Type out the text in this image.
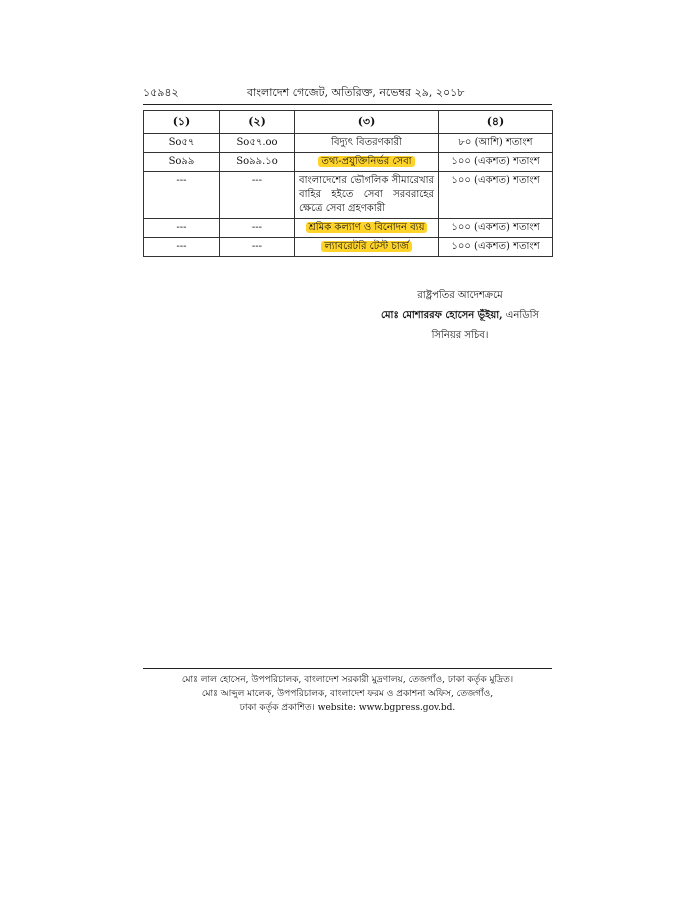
১৫৯৪২	বাংলাদেশ গেজেট, অতিরিক্ত, নভেম্বর ২৯, ২০১৮
(১)	(২)	(৩)	(৪)
Sо৫৭	Sо৫৭.оо	বিদ্যুৎ বিতরণকারী	৮০ (আশি) শতাংশ
Sо৯৯	Sо৯৯.১о	তথ্য-প্রযুক্তিনির্ভর সেবা	১০০ (একশত) শতাংশ
---	---	বাংলাদেশের ভৌগলিক সীমারেখার বাহির হইতে সেবা সরবরাহের ক্ষেত্রে সেবা গ্রহণকারী	১০০ (একশত) শতাংশ
---	---	শ্রমিক কল্যাণ ও বিনোদন ব্যয়	১০০ (একশত) শতাংশ
---	---	ল্যাবরেটরি টেস্ট চার্জ	১০০ (একশত) শতাংশ
রাষ্ট্রপতির আদেশক্রমে
মোঃ মোশাররফ হোসেন ভূঁইয়া, এনডিসি
সিনিয়র সচিব।
মোঃ লাল হোসেন, উপপরিচালক, বাংলাদেশ সরকারী মুদ্রণালয়, তেজগাঁও, ঢাকা কর্তৃক মুদ্রিত।
মোঃ আব্দুল মালেক, উপপরিচালক, বাংলাদেশ ফরম ও প্রকাশনা অফিস, তেজগাঁও,
ঢাকা কর্তৃক প্রকাশিত। website: www.bgpress.gov.bd.
